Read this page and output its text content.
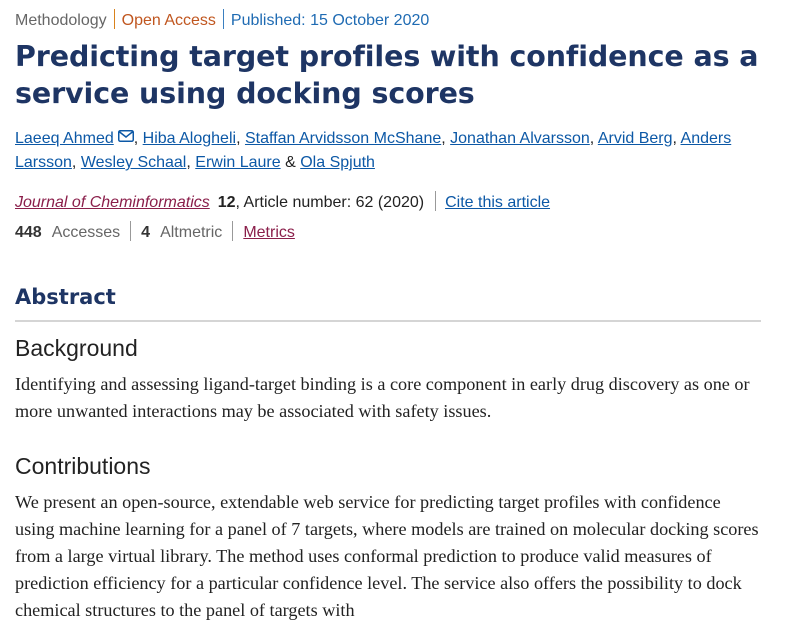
Methodology Open Access Published: 15 October 2020
Predicting target profiles with confidence as a service using docking scores
Laeeq Ahmed , Hiba Alogheli, Staffan Arvidsson McShane, Jonathan Alvarsson, Arvid Berg, Anders Larsson, Wesley Schaal, Erwin Laure & Ola Spjuth
Journal of Cheminformatics 12, Article number: 62 (2020) Cite this article
448 Accesses 4 Altmetric Metrics
Abstract
Background

Identifying and assessing ligand-target binding is a core component in early drug discovery as one or more unwanted interactions may be associated with safety issues.

Contributions

We present an open-source, extendable web service for predicting target profiles with confidence using machine learning for a panel of 7 targets, where models are trained on molecular docking scores from a large virtual library. The method uses conformal prediction to produce valid measures of prediction efficiency for a particular confidence level. The service also offers the possibility to dock chemical structures to the panel of targets with
